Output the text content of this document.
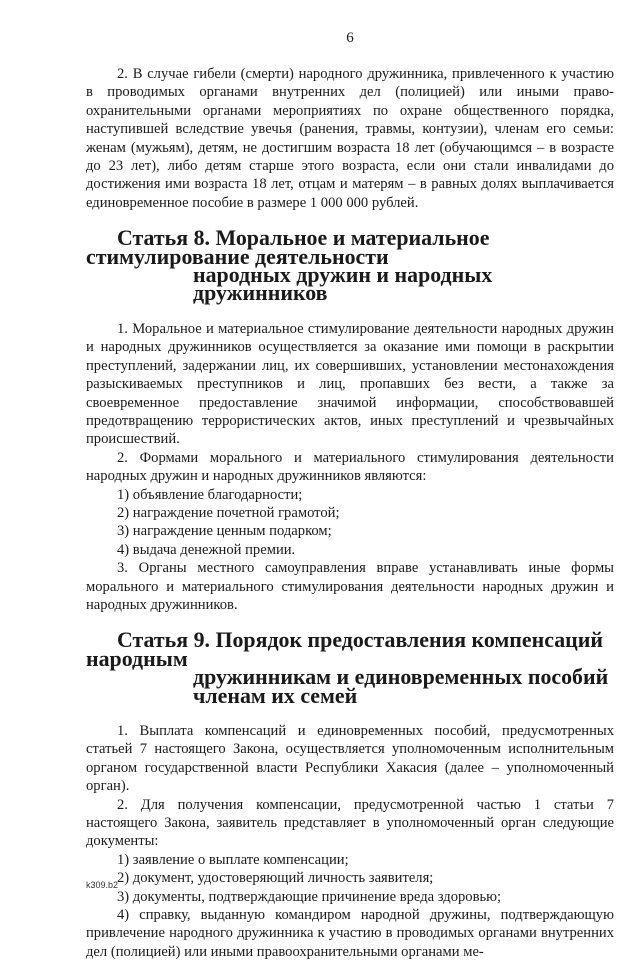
6

2. В случае гибели (смерти) народного дружинника, привлеченного к участию в проводимых органами внутренних дел (полицией) или иными правоохранительными органами мероприятиях по охране общественного порядка, наступившей вследствие увечья (ранения, травмы, контузии), членам его семьи: женам (мужьям), детям, не достигшим возраста 18 лет (обучающимся – в возрасте до 23 лет), либо детям старше этого возраста, если они стали инвалидами до достижения ими возраста 18 лет, отцам и матерям – в равных долях выплачивается единовременное пособие в размере 1 000 000 рублей.

Статья 8. Моральное и материальное стимулирование деятельности
народных дружин и народных дружинников

1. Моральное и материальное стимулирование деятельности народных дружин и народных дружинников осуществляется за оказание ими помощи в раскрытии преступлений, задержании лиц, их совершивших, установлении местонахождения разыскиваемых преступников и лиц, пропавших без вести, а также за своевременное предоставление значимой информации, способствовавшей предотвращению террористических актов, иных преступлений и чрезвычайных происшествий.

2. Формами морального и материального стимулирования деятельности народных дружин и народных дружинников являются:

1) объявление благодарности;

2) награждение почетной грамотой;

3) награждение ценным подарком;

4) выдача денежной премии.

3. Органы местного самоуправления вправе устанавливать иные формы морального и материального стимулирования деятельности народных дружин и народных дружинников.

Статья 9. Порядок предоставления компенсаций народным
дружинникам и единовременных пособий членам их семей

1. Выплата компенсаций и единовременных пособий, предусмотренных статьей 7 настоящего Закона, осуществляется уполномоченным исполнительным органом государственной власти Республики Хакасия (далее – уполномоченный орган).

2. Для получения компенсации, предусмотренной частью 1 статьи 7 настоящего Закона, заявитель представляет в уполномоченный орган следующие документы:

1) заявление о выплате компенсации;

2) документ, удостоверяющий личность заявителя;

3) документы, подтверждающие причинение вреда здоровью;

4) справку, выданную командиром народной дружины, подтверждающую привлечение народного дружинника к участию в проводимых органами внутренних дел (полицией) или иными правоохранительными органами ме-

k309.b2
